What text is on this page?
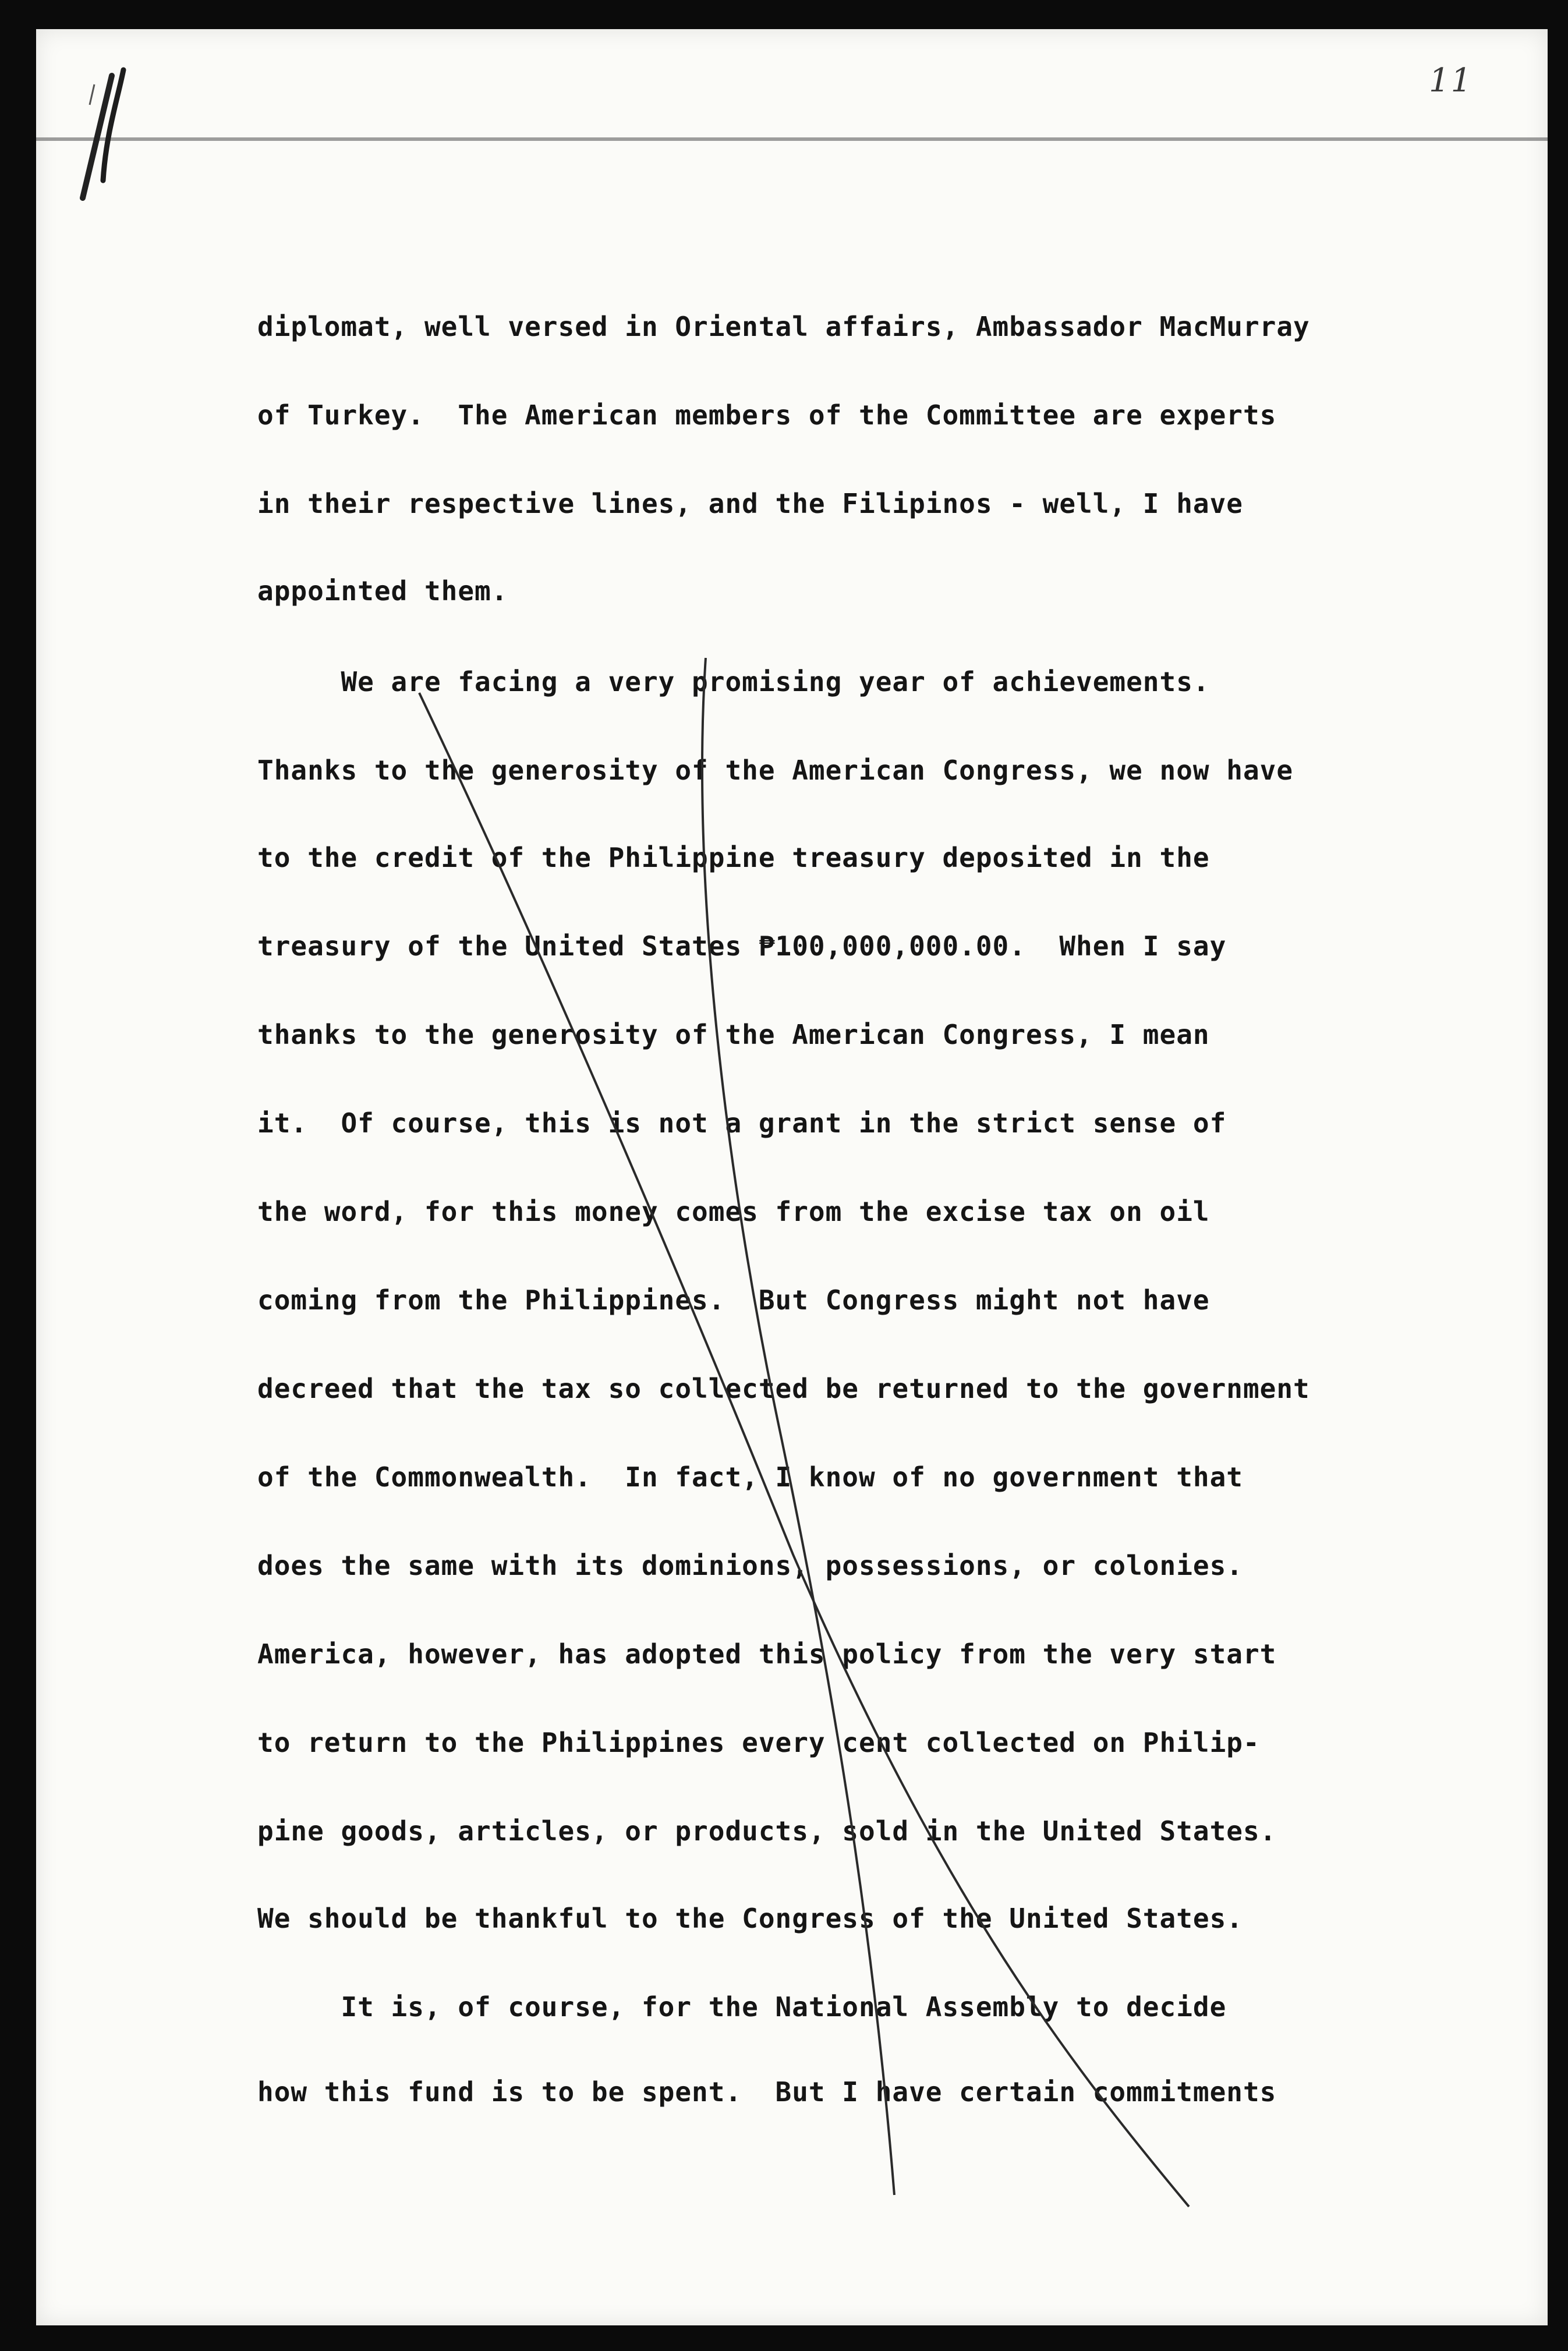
11
diplomat, well versed in Oriental affairs, Ambassador MacMurray
of Turkey.  The American members of the Committee are experts
in their respective lines, and the Filipinos - well, I have
appointed them.
We are facing a very promising year of achievements.
Thanks to the generosity of the American Congress, we now have
to the credit of the Philippine treasury deposited in the
treasury of the United States ₱100,000,000.00.  When I say
thanks to the generosity of the American Congress, I mean
it.  Of course, this is not a grant in the strict sense of
the word, for this money comes from the excise tax on oil
coming from the Philippines.  But Congress might not have
decreed that the tax so collected be returned to the government
of the Commonwealth.  In fact, I know of no government that
does the same with its dominions, possessions, or colonies.
America, however, has adopted this policy from the very start
to return to the Philippines every cent collected on Philip-
pine goods, articles, or products, sold in the United States.
We should be thankful to the Congress of the United States.
It is, of course, for the National Assembly to decide
how this fund is to be spent.  But I have certain commitments
